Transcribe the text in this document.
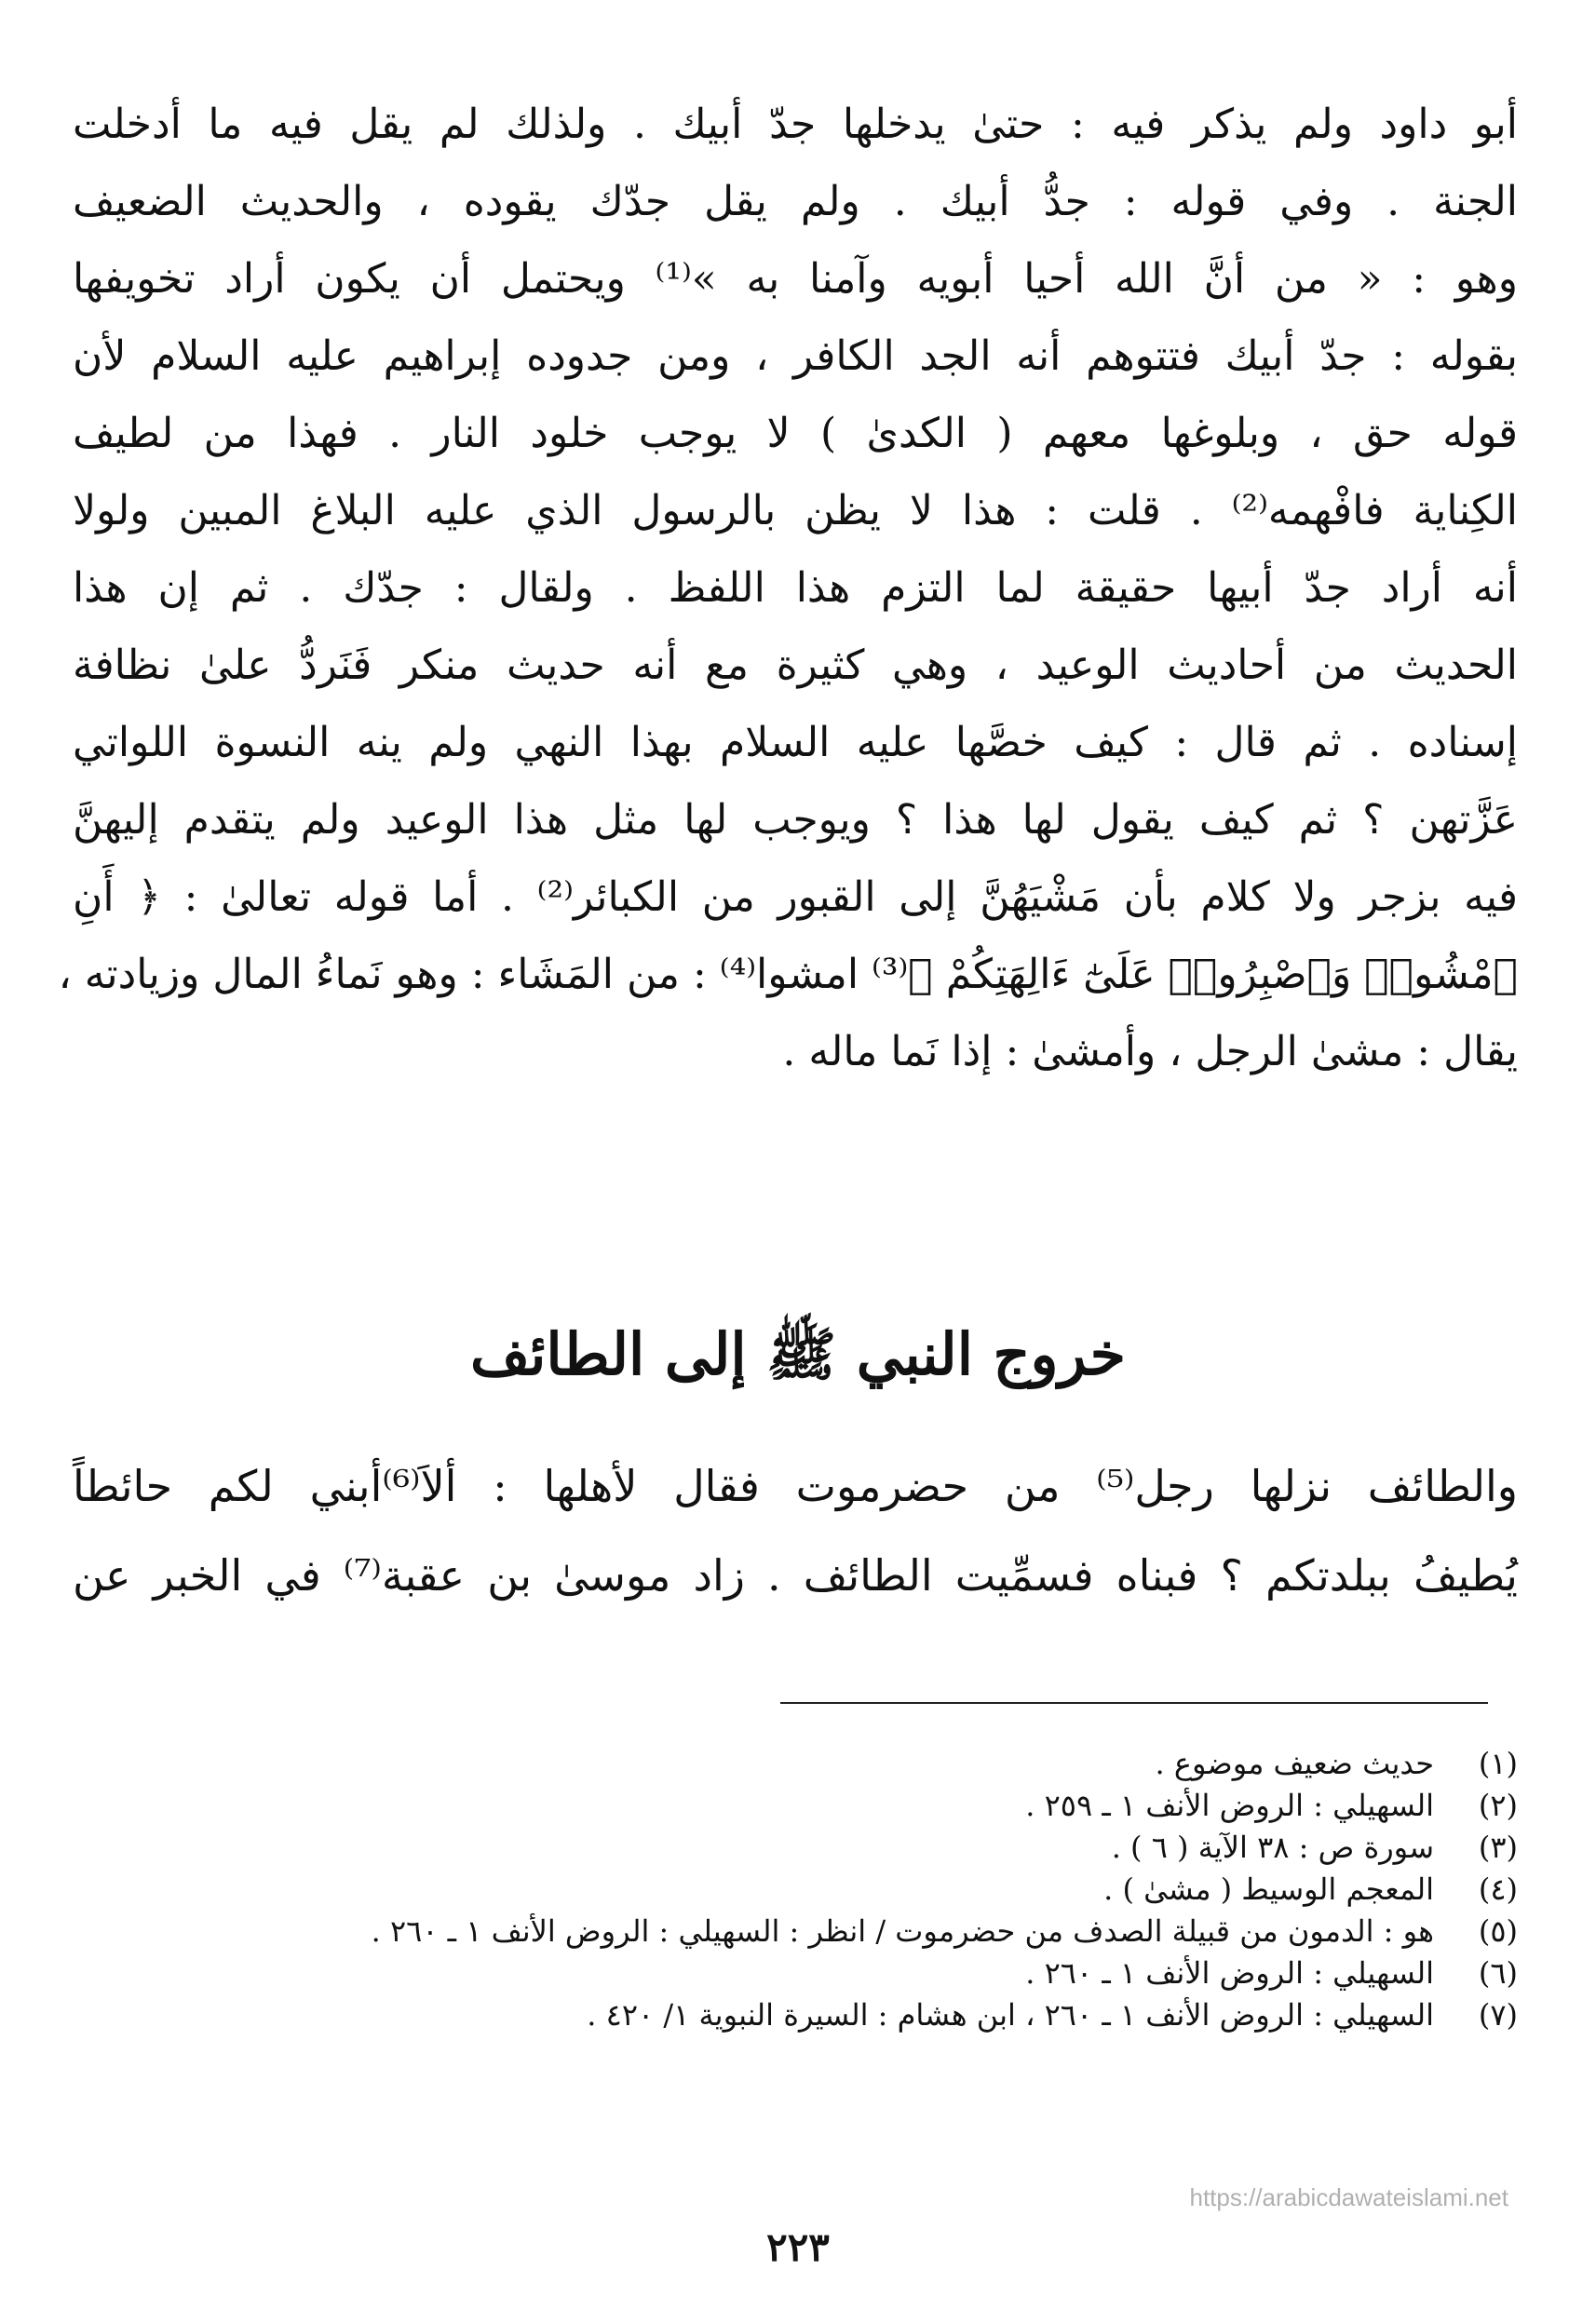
أبو داود ولم يذكر فيه : حتىٰ يدخلها جدّ أبيك . ولذلك لم يقل فيه ما أدخلت
الجنة . وفي قوله : جدُّ أبيك . ولم يقل جدّك يقوده ، والحديث الضعيف
وهو : « من أنَّ الله أحيا أبويه وآمنا به »⁽¹⁾ ويحتمل أن يكون أراد تخويفها
بقوله : جدّ أبيك فتتوهم أنه الجد الكافر ، ومن جدوده إبراهيم عليه السلام لأن
قوله حق ، وبلوغها معهم ( الكدىٰ ) لا يوجب خلود النار . فهذا من لطيف
الكِناية فافْهمه⁽²⁾ . قلت : هذا لا يظن بالرسول الذي عليه البلاغ المبين ولولا
أنه أراد جدّ أبيها حقيقة لما التزم هذا اللفظ . ولقال : جدّك . ثم إن هذا
الحديث من أحاديث الوعيد ، وهي كثيرة مع أنه حديث منكر فَنَردُّ علىٰ نظافة
إسناده . ثم قال : كيف خصَّها عليه السلام بهذا النهي ولم ينه النسوة اللواتي
عَزَّتهن ؟ ثم كيف يقول لها هذا ؟ ويوجب لها مثل هذا الوعيد ولم يتقدم إليهنَّ
فيه بزجر ولا كلام بأن مَشْيَهُنَّ إلى القبور من الكبائر⁽²⁾ . أما قوله تعالىٰ : ﴿ أَنِ
ٱمْشُوا۟ وَٱصْبِرُوا۟ عَلَىٰٓ ءَالِهَتِكُمْ ﴾⁽³⁾ امشوا⁽⁴⁾ : من المَشَاء : وهو نَماءُ المال وزيادته ،
يقال : مشىٰ الرجل ، وأمشىٰ : إذا نَما ماله .
خروج النبي ﷺ إلى الطائف
والطائف نزلها رجل⁽⁵⁾ من حضرموت فقال لأهلها : ألاَ⁽⁶⁾أبني لكم حائطاً
يُطيفُ ببلدتكم ؟ فبناه فسمِّيت الطائف . زاد موسىٰ بن عقبة⁽⁷⁾ في الخبر عن
(١)
حديث ضعيف موضوع .
(٢)
السهيلي : الروض الأنف ١ ـ ٢٥٩ .
(٣)
سورة ص : ٣٨ الآية ( ٦ ) .
(٤)
المعجم الوسيط ( مشىٰ ) .
(٥)
هو : الدمون من قبيلة الصدف من حضرموت / انظر : السهيلي : الروض الأنف ١ ـ ٢٦٠ .
(٦)
السهيلي : الروض الأنف ١ ـ ٢٦٠ .
(٧)
السهيلي : الروض الأنف ١ ـ ٢٦٠ ، ابن هشام : السيرة النبوية ١/ ٤٢٠ .
https://arabicdawateislami.net
٢٢٣
